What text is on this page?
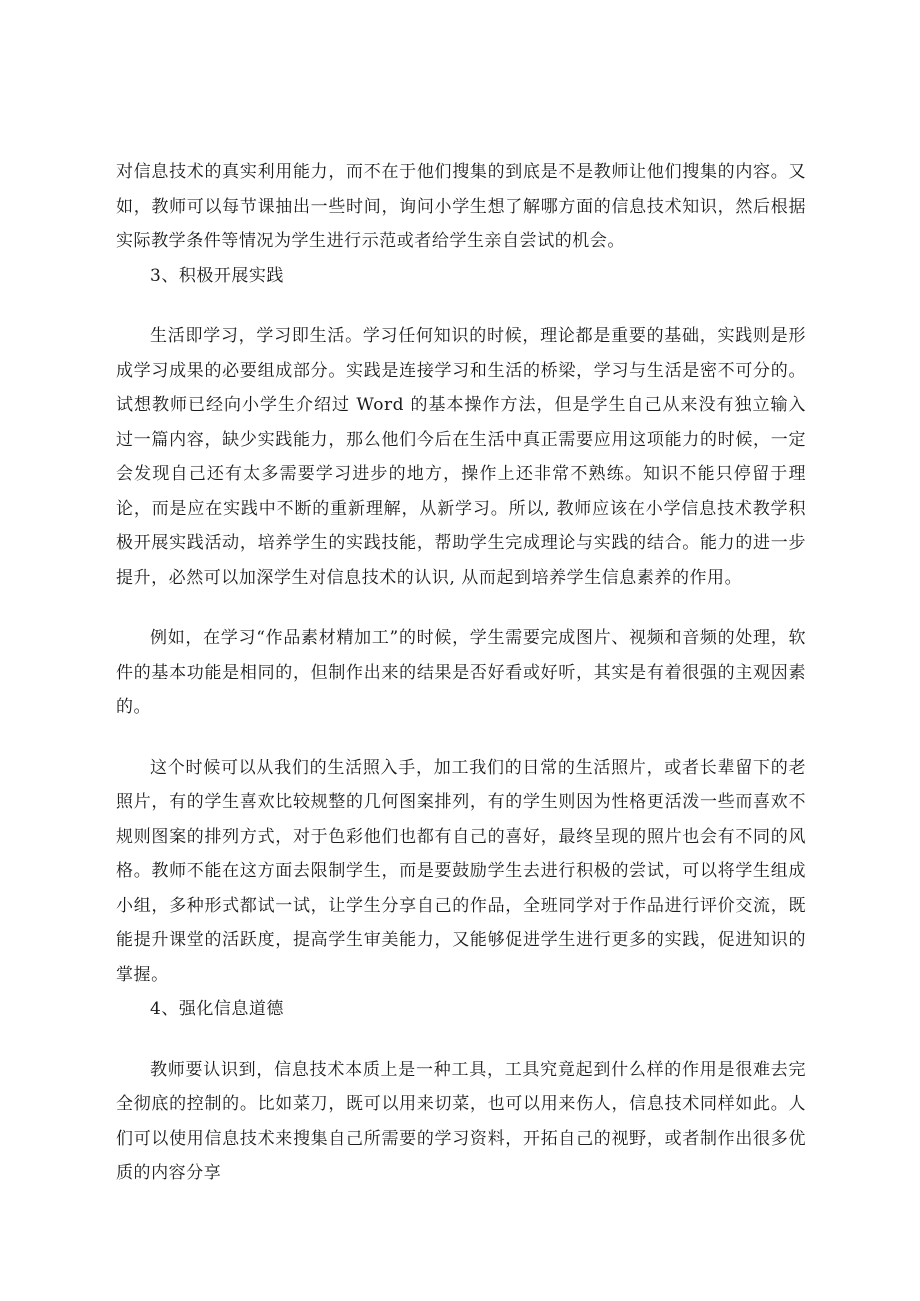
对信息技术的真实利用能力，而不在于他们搜集的到底是不是教师让他们搜集的内容。又如，教师可以每节课抽出一些时间，询问小学生想了解哪方面的信息技术知识，然后根据实际教学条件等情况为学生进行示范或者给学生亲自尝试的机会。

3、积极开展实践

生活即学习，学习即生活。学习任何知识的时候，理论都是重要的基础，实践则是形成学习成果的必要组成部分。实践是连接学习和生活的桥梁，学习与生活是密不可分的。试想教师已经向小学生介绍过 Word 的基本操作方法，但是学生自己从来没有独立输入过一篇内容，缺少实践能力，那么他们今后在生活中真正需要应用这项能力的时候，一定会发现自己还有太多需要学习进步的地方，操作上还非常不熟练。知识不能只停留于理论，而是应在实践中不断的重新理解，从新学习。所以, 教师应该在小学信息技术教学积极开展实践活动，培养学生的实践技能，帮助学生完成理论与实践的结合。能力的进一步提升，必然可以加深学生对信息技术的认识, 从而起到培养学生信息素养的作用。

例如，在学习“作品素材精加工”的时候，学生需要完成图片、视频和音频的处理，软件的基本功能是相同的，但制作出来的结果是否好看或好听，其实是有着很强的主观因素的。

这个时候可以从我们的生活照入手，加工我们的日常的生活照片，或者长辈留下的老照片，有的学生喜欢比较规整的几何图案排列，有的学生则因为性格更活泼一些而喜欢不规则图案的排列方式，对于色彩他们也都有自己的喜好，最终呈现的照片也会有不同的风格。教师不能在这方面去限制学生，而是要鼓励学生去进行积极的尝试，可以将学生组成小组，多种形式都试一试，让学生分享自己的作品，全班同学对于作品进行评价交流，既能提升课堂的活跃度，提高学生审美能力，又能够促进学生进行更多的实践，促进知识的掌握。

4、强化信息道德

教师要认识到，信息技术本质上是一种工具，工具究竟起到什么样的作用是很难去完全彻底的控制的。比如菜刀，既可以用来切菜，也可以用来伤人，信息技术同样如此。人们可以使用信息技术来搜集自己所需要的学习资料，开拓自己的视野，或者制作出很多优质的内容分享
